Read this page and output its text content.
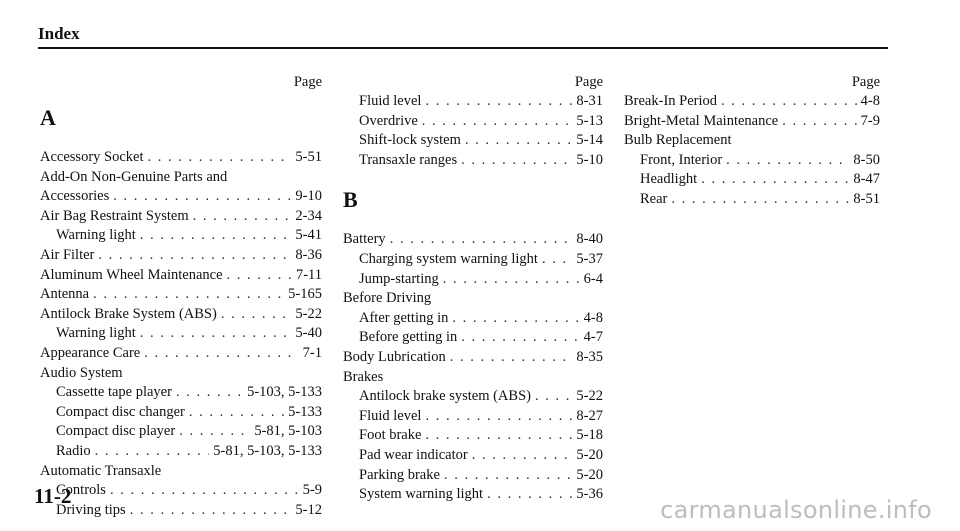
Index
Page
A
Accessory Socket . . .	5-51
Add-On Non-Genuine Parts and
Accessories . . .	9-10
Air Bag Restraint System . . .	2-34
Warning light . . .	5-41
Air Filter . . .	8-36
Aluminum Wheel Maintenance . . .	7-11
Antenna . . .	5-165
Antilock Brake System (ABS) . . .	5-22
Warning light . . .	5-40
Appearance Care . . .	7-1
Audio System
Cassette tape player . . .	5-103, 5-133
Compact disc changer . . .	5-133
Compact disc player . . .	5-81, 5-103
Radio . . .	5-81, 5-103, 5-133
Automatic Transaxle
Controls . . .	5-9
Driving tips . . .	5-12
Page
Fluid level . . .	8-31
Overdrive . . .	5-13
Shift-lock system . . .	5-14
Transaxle ranges . . .	5-10
B
Battery . . .	8-40
Charging system warning light . . .	5-37
Jump-starting . . .	6-4
Before Driving
After getting in . . .	4-8
Before getting in . . .	4-7
Body Lubrication . . .	8-35
Brakes
Antilock brake system (ABS) . . .	5-22
Fluid level . . .	8-27
Foot brake . . .	5-18
Pad wear indicator . . .	5-20
Parking brake . . .	5-20
System warning light . . .	5-36
Page
Break-In Period . . .	4-8
Bright-Metal Maintenance . . .	7-9
Bulb Replacement
Front, Interior . . .	8-50
Headlight . . .	8-47
Rear . . .	8-51
11-2	carmanualsonline.info
